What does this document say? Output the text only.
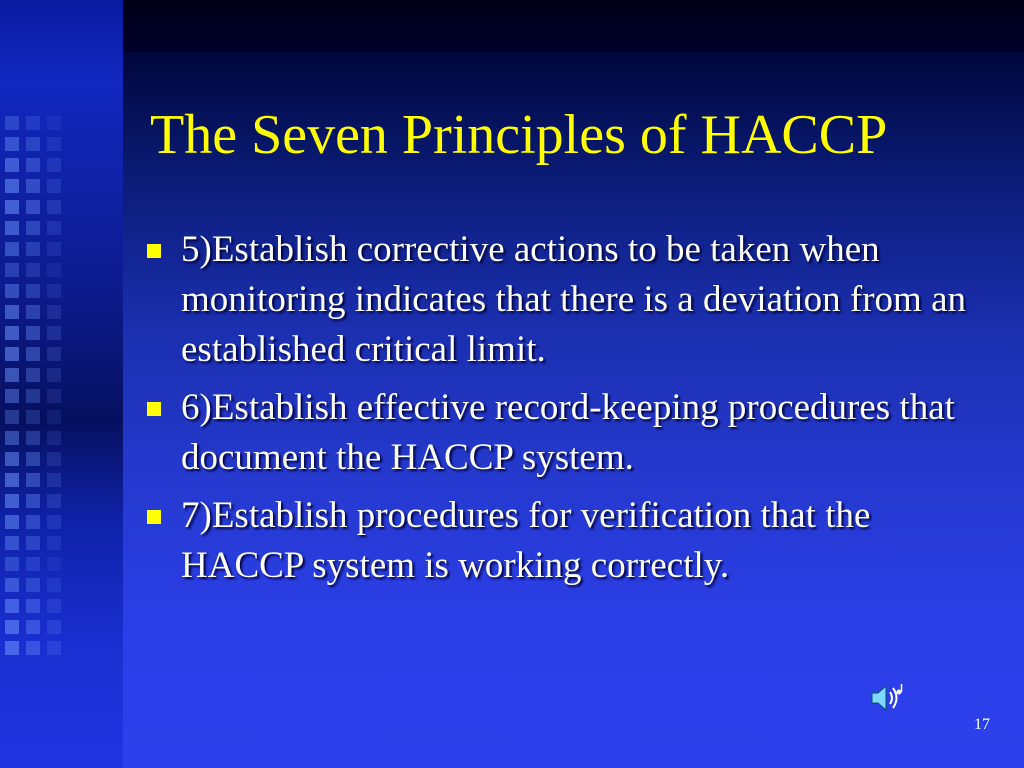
The Seven Principles of HACCP
5)Establish corrective actions to be taken when monitoring indicates that there is a deviation from an established critical limit.
6)Establish effective record-keeping procedures that document the HACCP system.
7)Establish procedures for verification that the HACCP system is working correctly.
17
